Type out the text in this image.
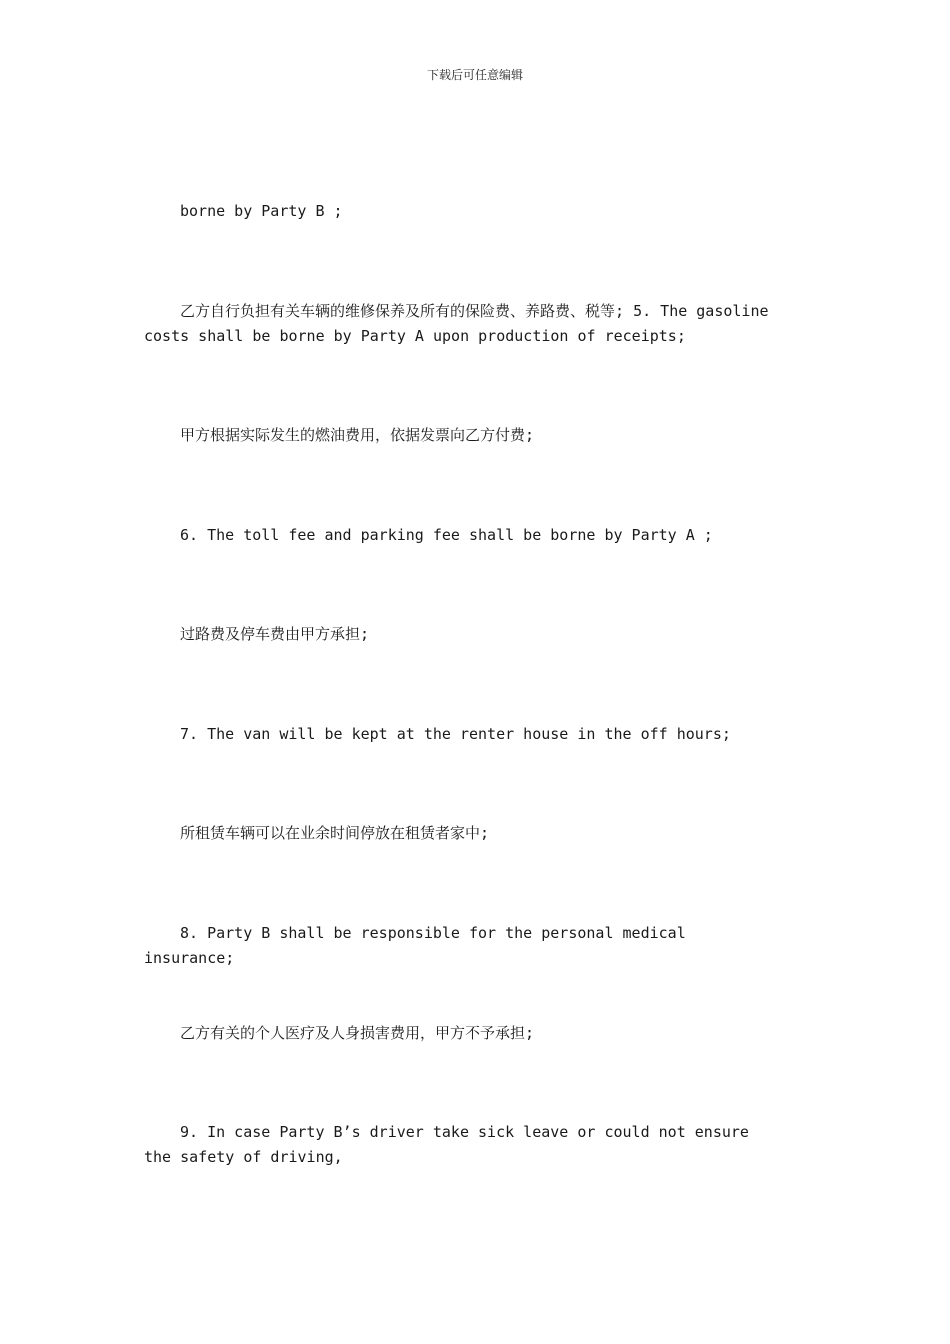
下载后可任意编辑

borne by Party B ;

乙方自行负担有关车辆的维修保养及所有的保险费、养路费、税等; 5. The gasoline costs shall be borne by Party A upon production of receipts;

甲方根据实际发生的燃油费用，依据发票向乙方付费;

6. The toll fee and parking fee shall be borne by Party A ;

过路费及停车费由甲方承担;

7. The van will be kept at the renter house in the off hours;

所租赁车辆可以在业余时间停放在租赁者家中;

8. Party B shall be responsible for the personal medical insurance;

乙方有关的个人医疗及人身损害费用，甲方不予承担;

9. In case Party B’s driver take sick leave or could not ensure the safety of driving,
